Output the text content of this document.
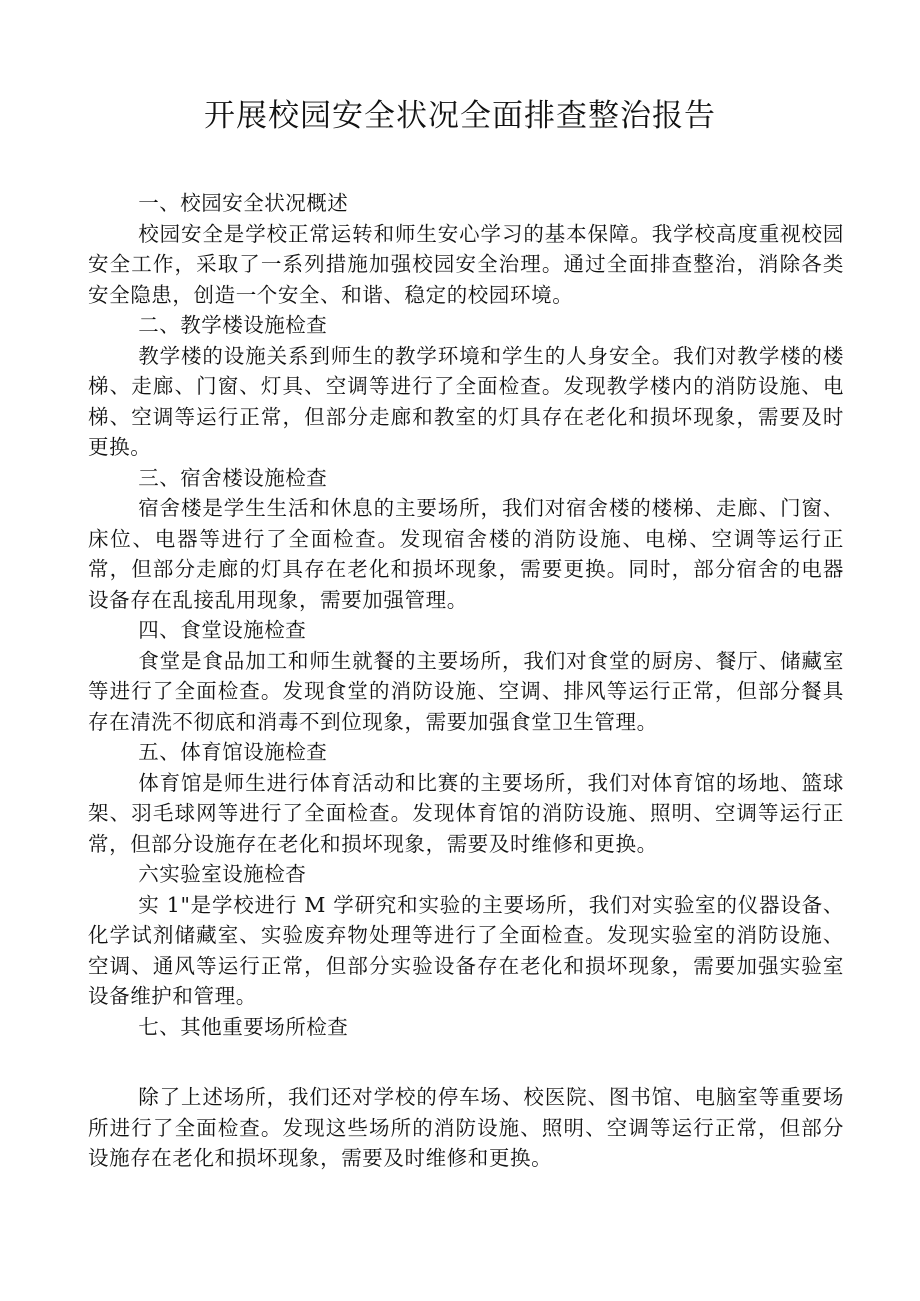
开展校园安全状况全面排查整治报告

一、校园安全状况概述

校园安全是学校正常运转和师生安心学习的基本保障。我学校高度重视校园安全工作，采取了一系列措施加强校园安全治理。通过全面排查整治，消除各类安全隐患，创造一个安全、和谐、稳定的校园环境。

二、教学楼设施检查

教学楼的设施关系到师生的教学环境和学生的人身安全。我们对教学楼的楼梯、走廊、门窗、灯具、空调等进行了全面检查。发现教学楼内的消防设施、电梯、空调等运行正常，但部分走廊和教室的灯具存在老化和损坏现象，需要及时更换。

三、宿舍楼设施检查

宿舍楼是学生生活和休息的主要场所，我们对宿舍楼的楼梯、走廊、门窗、床位、电器等进行了全面检查。发现宿舍楼的消防设施、电梯、空调等运行正常，但部分走廊的灯具存在老化和损坏现象，需要更换。同时，部分宿舍的电器设备存在乱接乱用现象，需要加强管理。

四、食堂设施检查

食堂是食品加工和师生就餐的主要场所，我们对食堂的厨房、餐厅、储藏室等进行了全面检查。发现食堂的消防设施、空调、排风等运行正常，但部分餐具存在清洗不彻底和消毒不到位现象，需要加强食堂卫生管理。

五、体育馆设施检查

体育馆是师生进行体育活动和比赛的主要场所，我们对体育馆的场地、篮球架、羽毛球网等进行了全面检查。发现体育馆的消防设施、照明、空调等运行正常，但部分设施存在老化和损坏现象，需要及时维修和更换。

六实验室设施检杳

实 1"是学校进行 M 学研究和实验的主要场所，我们对实验室的仪器设备、化学试剂储藏室、实验废弃物处理等进行了全面检查。发现实验室的消防设施、空调、通风等运行正常，但部分实验设备存在老化和损坏现象，需要加强实验室设备维护和管理。

七、其他重要场所检查

除了上述场所，我们还对学校的停车场、校医院、图书馆、电脑室等重要场所进行了全面检查。发现这些场所的消防设施、照明、空调等运行正常，但部分设施存在老化和损坏现象，需要及时维修和更换。
